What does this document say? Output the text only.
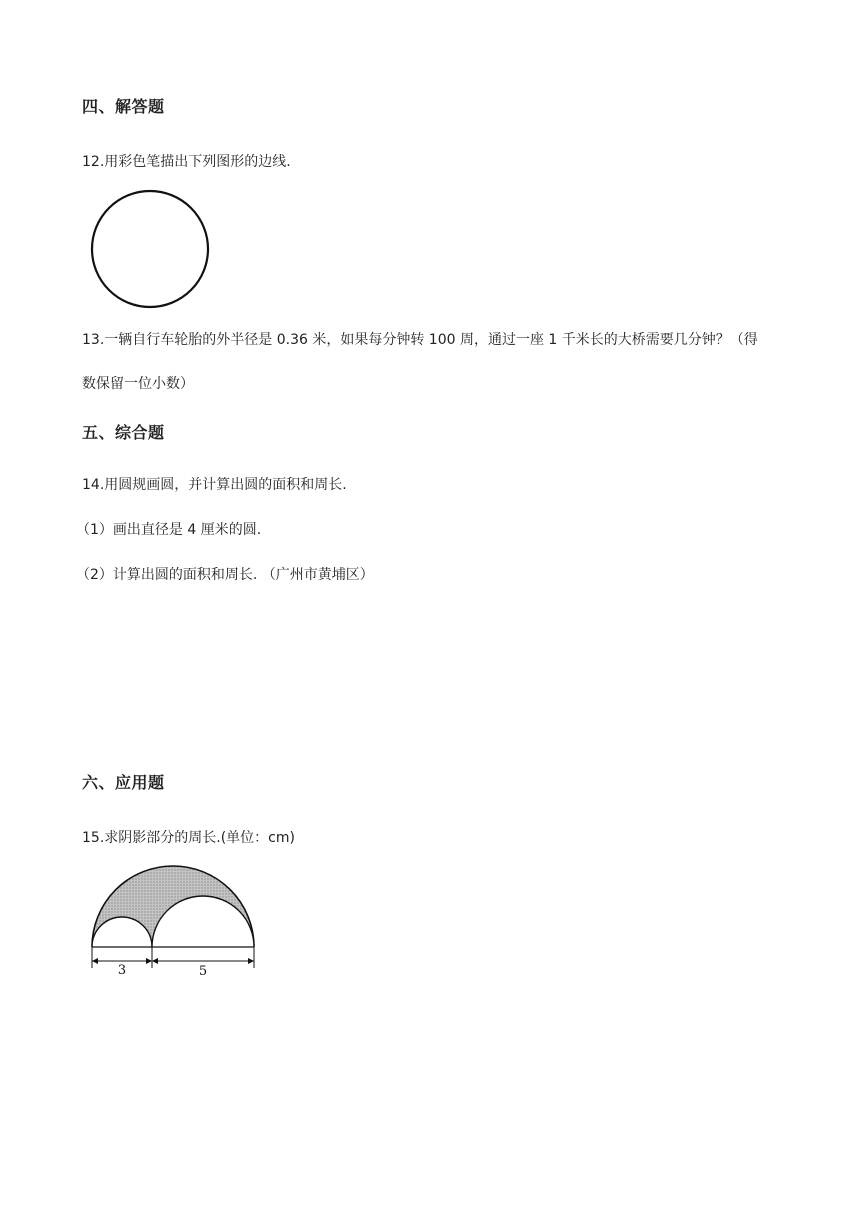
四、解答题
12.用彩色笔描出下列图形的边线.
13.一辆自行车轮胎的外半径是 0.36 米，如果每分钟转 100 周，通过一座 1 千米长的大桥需要几分钟？（得
数保留一位小数）
五、综合题
14.用圆规画圆，并计算出圆的面积和周长.
（1）画出直径是 4 厘米的圆.
（2）计算出圆的面积和周长. （广州市黄埔区）
六、应用题
15.求阴影部分的周长.(单位：cm)
3	5
